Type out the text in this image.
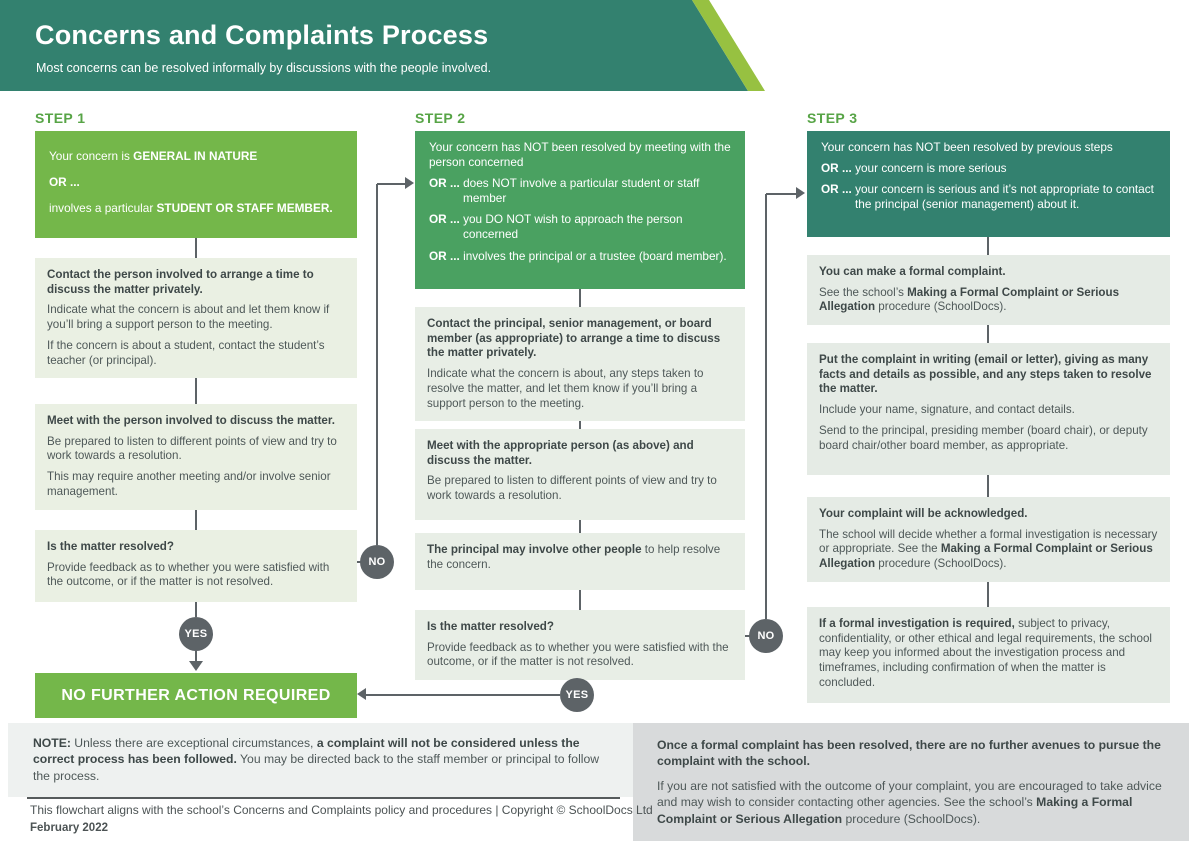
Concerns and Complaints Process
Most concerns can be resolved informally by discussions with the people involved.
STEP 1	STEP 2	STEP 3

Your concern is GENERAL IN NATURE

OR ...

involves a particular STUDENT OR STAFF MEMBER.

Contact the person involved to arrange a time to discuss the matter privately.

Indicate what the concern is about and let them know if you’ll bring a support person to the meeting.

If the concern is about a student, contact the student’s teacher (or principal).

Meet with the person involved to discuss the matter.

Be prepared to listen to different points of view and try to work towards a resolution.

This may require another meeting and/or involve senior management.

Is the matter resolved?

Provide feedback as to whether you were satisfied with the outcome, or if the matter is not resolved.

NO FURTHER ACTION REQUIRED

Your concern has NOT been resolved by meeting with the person concerned

OR ... does NOT involve a particular student or staff member

OR ... you DO NOT wish to approach the person concerned

OR ... involves the principal or a trustee (board member).

Contact the principal, senior management, or board member (as appropriate) to arrange a time to discuss the matter privately.

Indicate what the concern is about, any steps taken to resolve the matter, and let them know if you’ll bring a support person to the meeting.

Meet with the appropriate person (as above) and discuss the matter.

Be prepared to listen to different points of view and try to work towards a resolution.

The principal may involve other people to help resolve the concern.

Is the matter resolved?

Provide feedback as to whether you were satisfied with the outcome, or if the matter is not resolved.

Your concern has NOT been resolved by previous steps

OR ... your concern is more serious

OR ... your concern is serious and it’s not appropriate to contact the principal (senior management) about it.

You can make a formal complaint.

See the school’s Making a Formal Complaint or Serious Allegation procedure (SchoolDocs).

Put the complaint in writing (email or letter), giving as many facts and details as possible, and any steps taken to resolve the matter.

Include your name, signature, and contact details.

Send to the principal, presiding member (board chair), or deputy board chair/other board member, as appropriate.

Your complaint will be acknowledged.

The school will decide whether a formal investigation is necessary or appropriate. See the Making a Formal Complaint or Serious Allegation procedure (SchoolDocs).

If a formal investigation is required, subject to privacy, confidentiality, or other ethical and legal requirements, the school may keep you informed about the investigation process and timeframes, including confirmation of when the matter is concluded.

YES
NO
YES
NO

NOTE: Unless there are exceptional circumstances, a complaint will not be considered unless the correct process has been followed. You may be directed back to the staff member or principal to follow the process.

Once a formal complaint has been resolved, there are no further avenues to pursue the complaint with the school.

If you are not satisfied with the outcome of your complaint, you are encouraged to take advice and may wish to consider contacting other agencies. See the school’s Making a Formal Complaint or Serious Allegation procedure (SchoolDocs).

This flowchart aligns with the school’s Concerns and Complaints policy and procedures | Copyright © SchoolDocs Ltd
February 2022
